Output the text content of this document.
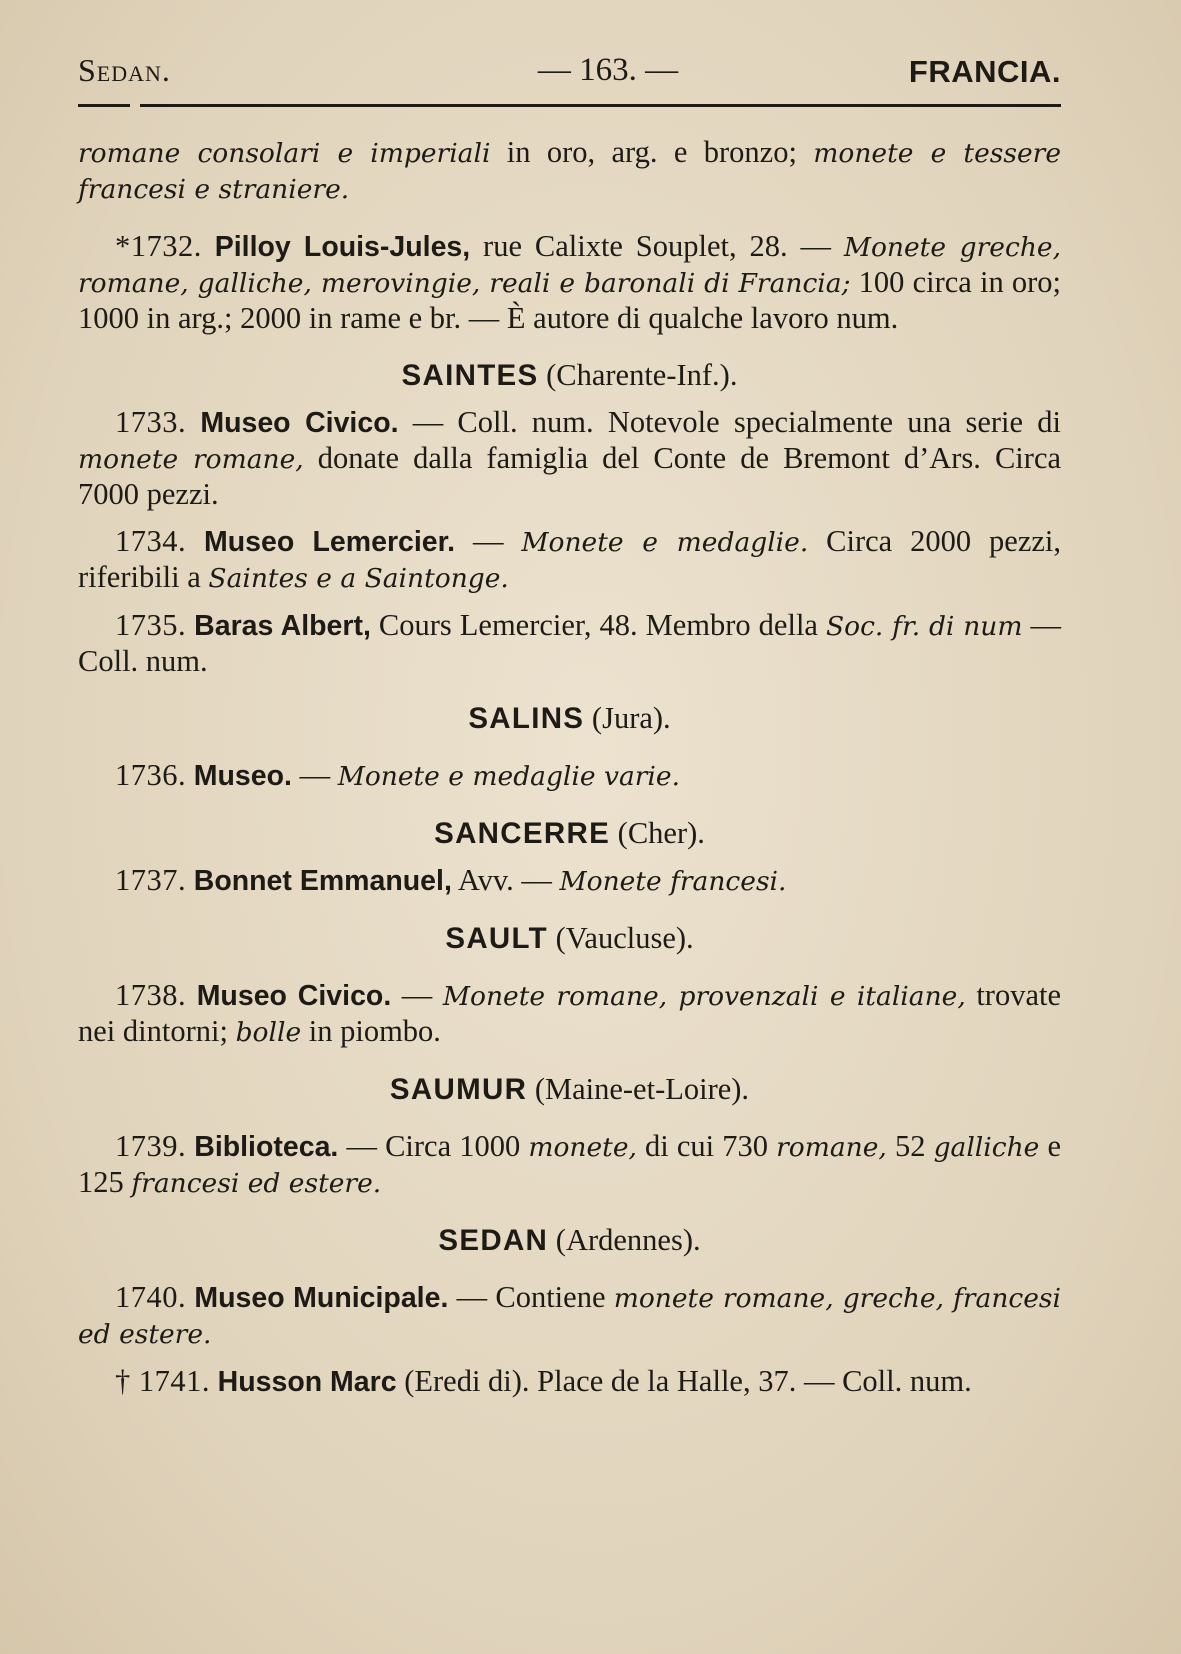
Sedan.	— 163. —	FRANCIA.

romane consolari e imperiali in oro, arg. e bronzo; monete e tessere francesi e straniere.

*1732. Pilloy Louis-Jules, rue Calixte Souplet, 28. — Monete greche, romane, galliche, merovingie, reali e baronali di Francia; 100 circa in oro; 1000 in arg.; 2000 in rame e br. — È autore di qualche lavoro num.

SAINTES (Charente-Inf.).

1733. Museo Civico. — Coll. num. Notevole specialmente una serie di monete romane, donate dalla famiglia del Conte de Bremont d’Ars. Circa 7000 pezzi.

1734. Museo Lemercier. — Monete e medaglie. Circa 2000 pezzi, riferibili a Saintes e a Saintonge.

1735. Baras Albert, Cours Lemercier, 48. Membro della Soc. fr. di num — Coll. num.

SALINS (Jura).

1736. Museo. — Monete e medaglie varie.

SANCERRE (Cher).

1737. Bonnet Emmanuel, Avv. — Monete francesi.

SAULT (Vaucluse).

1738. Museo Civico. — Monete romane, provenzali e italiane, trovate nei dintorni; bolle in piombo.

SAUMUR (Maine-et-Loire).

1739. Biblioteca. — Circa 1000 monete, di cui 730 romane, 52 galliche e 125 francesi ed estere.

SEDAN (Ardennes).

1740. Museo Municipale. — Contiene monete romane, greche, francesi ed estere.

† 1741. Husson Marc (Eredi di). Place de la Halle, 37. — Coll. num.
